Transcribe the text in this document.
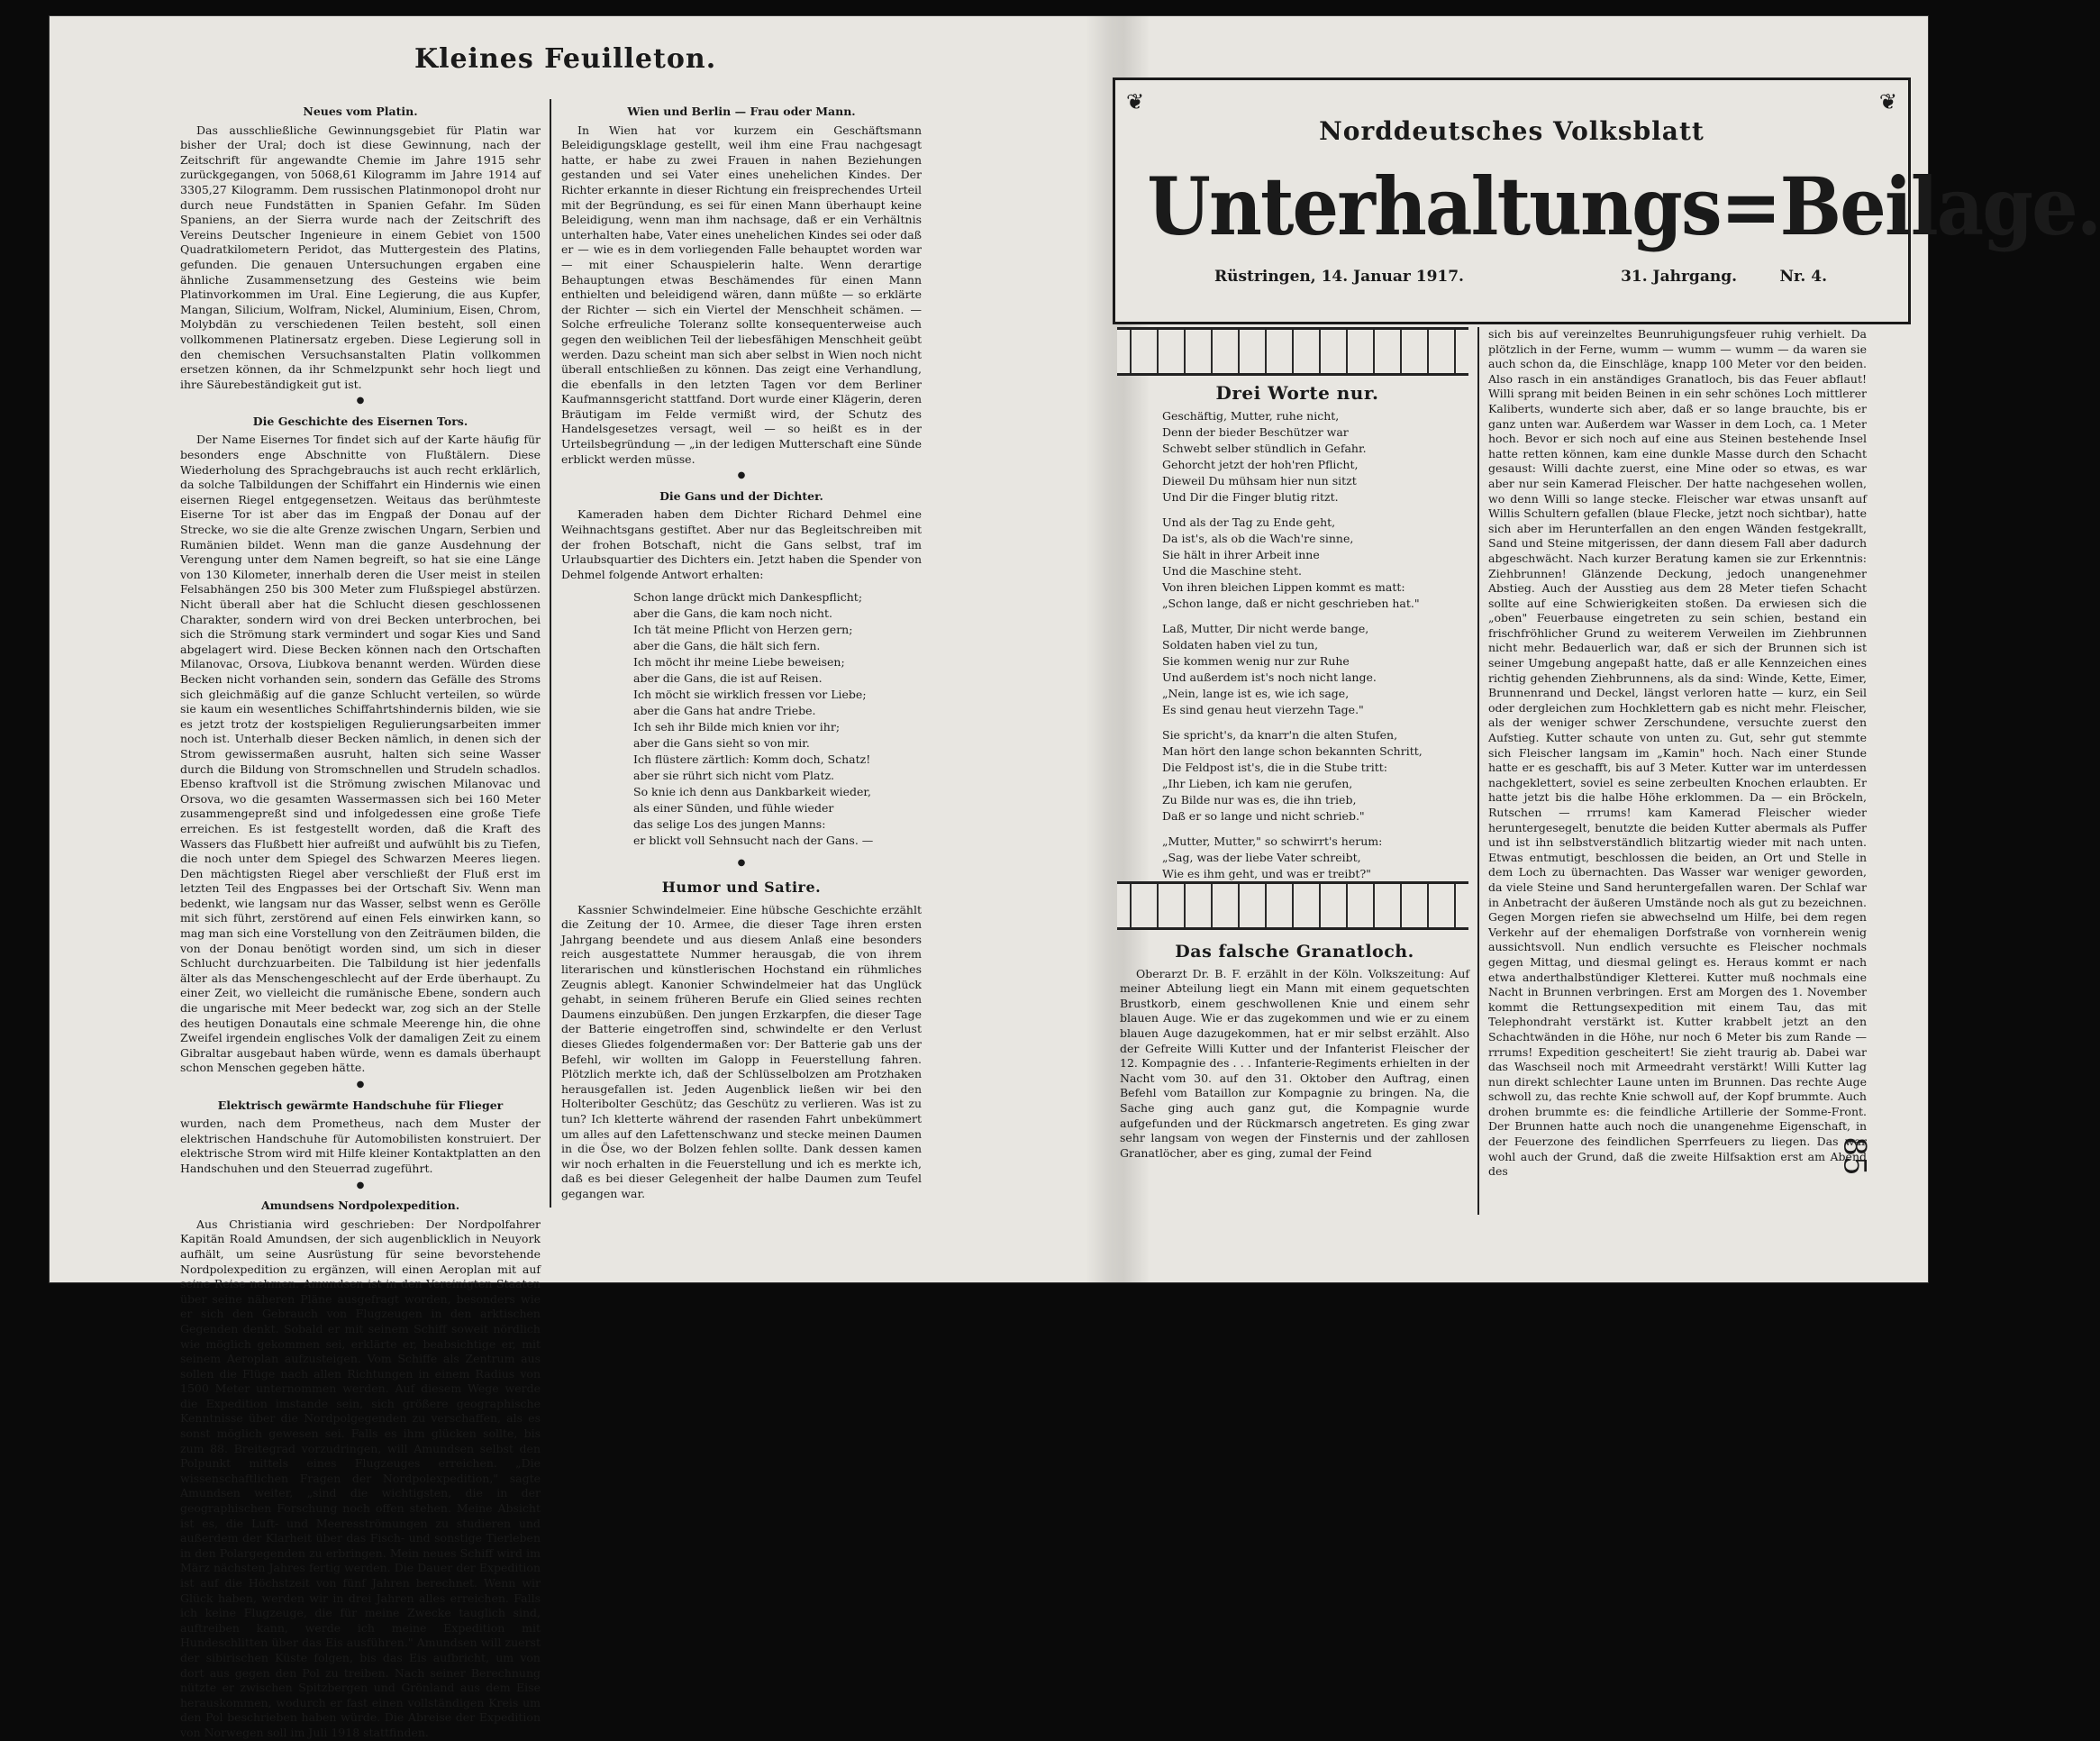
Kleines Feuilleton.
Neues vom Platin.

Das ausschließliche Gewinnungsgebiet für Platin war bisher der Ural; doch ist diese Gewinnung, nach der Zeitschrift für angewandte Chemie im Jahre 1915 sehr zurückgegangen, von 5068,61 Kilogramm im Jahre 1914 auf 3305,27 Kilogramm. Dem russischen Platinmonopol droht nur durch neue Fundstätten in Spanien Gefahr. Im Süden Spaniens, an der Sierra wurde nach der Zeitschrift des Vereins Deutscher Ingenieure in einem Gebiet von 1500 Quadratkilometern Peridot, das Muttergestein des Platins, gefunden. Die genauen Untersuchungen ergaben eine ähnliche Zusammensetzung des Gesteins wie beim Platinvorkommen im Ural. Eine Legierung, die aus Kupfer, Mangan, Silicium, Wolfram, Nickel, Aluminium, Eisen, Chrom, Molybdän zu verschiedenen Teilen besteht, soll einen vollkommenen Platinersatz ergeben. Diese Legierung soll in den chemischen Versuchsanstalten Platin vollkommen ersetzen können, da ihr Schmelzpunkt sehr hoch liegt und ihre Säurebeständigkeit gut ist.

●
Die Geschichte des Eisernen Tors.

Der Name Eisernes Tor findet sich auf der Karte häufig für besonders enge Abschnitte von Flußtälern. Diese Wiederholung des Sprachgebrauchs ist auch recht erklärlich, da solche Talbildungen der Schiffahrt ein Hindernis wie einen eisernen Riegel entgegensetzen. Weitaus das berühmteste Eiserne Tor ist aber das im Engpaß der Donau auf der Strecke, wo sie die alte Grenze zwischen Ungarn, Serbien und Rumänien bildet. Wenn man die ganze Ausdehnung der Verengung unter dem Namen begreift, so hat sie eine Länge von 130 Kilometer, innerhalb deren die User meist in steilen Felsabhängen 250 bis 300 Meter zum Flußspiegel abstürzen. Nicht überall aber hat die Schlucht diesen geschlossenen Charakter, sondern wird von drei Becken unterbrochen, bei sich die Strömung stark vermindert und sogar Kies und Sand abgelagert wird. Diese Becken können nach den Ortschaften Milanovac, Orsova, Liubkova benannt werden. Würden diese Becken nicht vorhanden sein, sondern das Gefälle des Stroms sich gleichmäßig auf die ganze Schlucht verteilen, so würde sie kaum ein wesentliches Schiffahrtshindernis bilden, wie sie es jetzt trotz der kostspieligen Regulierungsarbeiten immer noch ist. Unterhalb dieser Becken nämlich, in denen sich der Strom gewissermaßen ausruht, halten sich seine Wasser durch die Bildung von Stromschnellen und Strudeln schadlos. Ebenso kraftvoll ist die Strömung zwischen Milanovac und Orsova, wo die gesamten Wassermassen sich bei 160 Meter zusammengepreßt sind und infolgedessen eine große Tiefe erreichen. Es ist festgestellt worden, daß die Kraft des Wassers das Flußbett hier aufreißt und aufwühlt bis zu Tiefen, die noch unter dem Spiegel des Schwarzen Meeres liegen. Den mächtigsten Riegel aber verschließt der Fluß erst im letzten Teil des Engpasses bei der Ortschaft Siv. Wenn man bedenkt, wie langsam nur das Wasser, selbst wenn es Gerölle mit sich führt, zerstörend auf einen Fels einwirken kann, so mag man sich eine Vorstellung von den Zeiträumen bilden, die von der Donau benötigt worden sind, um sich in dieser Schlucht durchzuarbeiten. Die Talbildung ist hier jedenfalls älter als das Menschengeschlecht auf der Erde überhaupt. Zu einer Zeit, wo vielleicht die rumänische Ebene, sondern auch die ungarische mit Meer bedeckt war, zog sich an der Stelle des heutigen Donautals eine schmale Meerenge hin, die ohne Zweifel irgendein englisches Volk der damaligen Zeit zu einem Gibraltar ausgebaut haben würde, wenn es damals überhaupt schon Menschen gegeben hätte.

●
Elektrisch gewärmte Handschuhe für Flieger

wurden, nach dem Prometheus, nach dem Muster der elektrischen Handschuhe für Automobilisten konstruiert. Der elektrische Strom wird mit Hilfe kleiner Kontaktplatten an den Handschuhen und den Steuerrad zugeführt.

●
Amundsens Nordpolexpedition.

Aus Christiania wird geschrieben: Der Nordpolfahrer Kapitän Roald Amundsen, der sich augenblicklich in Neuyork aufhält, um seine Ausrüstung für seine bevorstehende Nordpolexpedition zu ergänzen, will einen Aeroplan mit auf seine Reise nehmen. Amundsen ist in den Vereinigten Staaten über seine näheren Pläne ausgefragt worden, besonders wie er sich den Gebrauch von Flugzeugen in den arktischen Gegenden denkt. Sobald er mit seinem Schiff soweit nördlich wie möglich gekommen sei, erklärte er, beabsichtige er, mit seinem Aeroplan aufzusteigen. Vom Schiffe als Zentrum aus sollen die Flüge nach allen Richtungen in einem Radius von 1500 Meter unternommen werden. Auf diesem Wege werde die Expedition imstande sein, sich größere geographische Kenntnisse über die Nordpolgegenden zu verschaffen, als es sonst möglich gewesen sei. Falls es ihm glücken sollte, bis zum 88. Breitegrad vorzudringen, will Amundsen selbst den Polpunkt mittels eines Flugzeuges erreichen. „Die wissenschaftlichen Fragen der Nordpolexpedition," sagte Amundsen weiter, „sind die wichtigsten, die in der geographischen Forschung noch offen stehen. Meine Absicht ist es, die Luft- und Meeresströmungen zu studieren und außerdem der Klarheit über das Fisch- und sonstige Tierleben in den Polargegenden zu erbringen. Mein neues Schiff wird im März nächsten Jahres fertig werden. Die Dauer der Expedition ist auf die Höchstzeit von fünf Jahren berechnet. Wenn wir Glück haben, werden wir in drei Jahren alles erreichen. Falls ich keine Flugzeuge, die für meine Zwecke tauglich sind, auftreiben kann, werde ich meine Expedition mit Hundeschlitten über das Eis ausführen." Amundsen will zuerst der sibirischen Küste folgen, bis das Eis aufbricht, um von dort aus gegen den Pol zu treiben. Nach seiner Berechnung nützte er zwischen Spitzbergen und Grönland aus dem Eise herauskommen, wodurch er fast einen vollständigen Kreis um den Pol beschrieben haben würde. Die Abreise der Expedition von Norwegen soll im Juli 1918 stattfinden.

Wien und Berlin — Frau oder Mann.

In Wien hat vor kurzem ein Geschäftsmann Beleidigungsklage gestellt, weil ihm eine Frau nachgesagt hatte, er habe zu zwei Frauen in nahen Beziehungen gestanden und sei Vater eines unehelichen Kindes. Der Richter erkannte in dieser Richtung ein freisprechendes Urteil mit der Begründung, es sei für einen Mann überhaupt keine Beleidigung, wenn man ihm nachsage, daß er ein Verhältnis unterhalten habe, Vater eines unehelichen Kindes sei oder daß er — wie es in dem vorliegenden Falle behauptet worden war — mit einer Schauspielerin halte. Wenn derartige Behauptungen etwas Beschämendes für einen Mann enthielten und beleidigend wären, dann müßte — so erklärte der Richter — sich ein Viertel der Menschheit schämen. — Solche erfreuliche Toleranz sollte konsequenterweise auch gegen den weiblichen Teil der liebesfähigen Menschheit geübt werden. Dazu scheint man sich aber selbst in Wien noch nicht überall entschließen zu können. Das zeigt eine Verhandlung, die ebenfalls in den letzten Tagen vor dem Berliner Kaufmannsgericht stattfand. Dort wurde einer Klägerin, deren Bräutigam im Felde vermißt wird, der Schutz des Handelsgesetzes versagt, weil — so heißt es in der Urteilsbegründung — „in der ledigen Mutterschaft eine Sünde erblickt werden müsse.

●
Die Gans und der Dichter.

Kameraden haben dem Dichter Richard Dehmel eine Weihnachtsgans gestiftet. Aber nur das Begleitschreiben mit der frohen Botschaft, nicht die Gans selbst, traf im Urlaubsquartier des Dichters ein. Jetzt haben die Spender von Dehmel folgende Antwort erhalten:

Schon lange drückt mich Dankespflicht;

aber die Gans, die kam noch nicht.

Ich tät meine Pflicht von Herzen gern;

aber die Gans, die hält sich fern.

Ich möcht ihr meine Liebe beweisen;

aber die Gans, die ist auf Reisen.

Ich möcht sie wirklich fressen vor Liebe;

aber die Gans hat andre Triebe.

Ich seh ihr Bilde mich knien vor ihr;

aber die Gans sieht so von mir.

Ich flüstere zärtlich: Komm doch, Schatz!

aber sie rührt sich nicht vom Platz.

So knie ich denn aus Dankbarkeit wieder,

als einer Sünden, und fühle wieder

das selige Los des jungen Manns:

er blickt voll Sehnsucht nach der Gans. —

●
Humor und Satire.

Kassnier Schwindelmeier. Eine hübsche Geschichte erzählt die Zeitung der 10. Armee, die dieser Tage ihren ersten Jahrgang beendete und aus diesem Anlaß eine besonders reich ausgestattete Nummer herausgab, die von ihrem literarischen und künstlerischen Hochstand ein rühmliches Zeugnis ablegt. Kanonier Schwindelmeier hat das Unglück gehabt, in seinem früheren Berufe ein Glied seines rechten Daumens einzubüßen. Den jungen Erzkarpfen, die dieser Tage der Batterie eingetroffen sind, schwindelte er den Verlust dieses Gliedes folgendermaßen vor: Der Batterie gab uns der Befehl, wir wollten im Galopp in Feuerstellung fahren. Plötzlich merkte ich, daß der Schlüsselbolzen am Protzhaken herausgefallen ist. Jeden Augenblick ließen wir bei den Holteribolter Geschütz; das Geschütz zu verlieren. Was ist zu tun? Ich kletterte während der rasenden Fahrt unbekümmert um alles auf den Lafettenschwanz und stecke meinen Daumen in die Öse, wo der Bolzen fehlen sollte. Dank dessen kamen wir noch erhalten in die Feuerstellung und ich es merkte ich, daß es bei dieser Gelegenheit der halbe Daumen zum Teufel gegangen war.

❦	❦
Norddeutsches Volksblatt
Unterhaltungs=Beilage.
Rüstringen, 14. Januar 1917.	31. Jahrgang.	Nr. 4.
Drei Worte nur.

Geschäftig, Mutter, ruhe nicht,

Denn der bieder Beschützer war

Schwebt selber stündlich in Gefahr.

Gehorcht jetzt der hoh'ren Pflicht,

Dieweil Du mühsam hier nun sitzt

Und Dir die Finger blutig ritzt.

Und als der Tag zu Ende geht,

Da ist's, als ob die Wach're sinne,

Sie hält in ihrer Arbeit inne

Und die Maschine steht.

Von ihren bleichen Lippen kommt es matt:

„Schon lange, daß er nicht geschrieben hat."

Laß, Mutter, Dir nicht werde bange,

Soldaten haben viel zu tun,

Sie kommen wenig nur zur Ruhe

Und außerdem ist's noch nicht lange.

„Nein, lange ist es, wie ich sage,

Es sind genau heut vierzehn Tage."

Sie spricht's, da knarr'n die alten Stufen,

Man hört den lange schon bekannten Schritt,

Die Feldpost ist's, die in die Stube tritt:

„Ihr Lieben, ich kam nie gerufen,

Zu Bilde nur was es, die ihn trieb,

Daß er so lange und nicht schrieb."

„Mutter, Mutter," so schwirrt's herum:

„Sag, was der liebe Vater schreibt,

Wie es ihm geht, und was er treibt?"

Das falsche Granatloch.

Oberarzt Dr. B. F. erzählt in der Köln. Volkszeitung: Auf meiner Abteilung liegt ein Mann mit einem gequetschten Brustkorb, einem geschwollenen Knie und einem sehr blauen Auge. Wie er das zugekommen und wie er zu einem blauen Auge dazugekommen, hat er mir selbst erzählt. Also der Gefreite Willi Kutter und der Infanterist Fleischer der 12. Kompagnie des . . . Infanterie-Regiments erhielten in der Nacht vom 30. auf den 31. Oktober den Auftrag, einen Befehl vom Bataillon zur Kompagnie zu bringen. Na, die Sache ging auch ganz gut, die Kompagnie wurde aufgefunden und der Rückmarsch angetreten. Es ging zwar sehr langsam von wegen der Finsternis und der zahllosen Granatlöcher, aber es ging, zumal der Feind

sich bis auf vereinzeltes Beunruhigungsfeuer ruhig verhielt. Da plötzlich in der Ferne, wumm — wumm — wumm — da waren sie auch schon da, die Einschläge, knapp 100 Meter vor den beiden. Also rasch in ein anständiges Granatloch, bis das Feuer abflaut! Willi sprang mit beiden Beinen in ein sehr schönes Loch mittlerer Kaliberts, wunderte sich aber, daß er so lange brauchte, bis er ganz unten war. Außerdem war Wasser in dem Loch, ca. 1 Meter hoch. Bevor er sich noch auf eine aus Steinen bestehende Insel hatte retten können, kam eine dunkle Masse durch den Schacht gesaust: Willi dachte zuerst, eine Mine oder so etwas, es war aber nur sein Kamerad Fleischer. Der hatte nachgesehen wollen, wo denn Willi so lange stecke. Fleischer war etwas unsanft auf Willis Schultern gefallen (blaue Flecke, jetzt noch sichtbar), hatte sich aber im Herunterfallen an den engen Wänden festgekrallt, Sand und Steine mitgerissen, der dann diesem Fall aber dadurch abgeschwächt. Nach kurzer Beratung kamen sie zur Erkenntnis: Ziehbrunnen! Glänzende Deckung, jedoch unangenehmer Abstieg. Auch der Ausstieg aus dem 28 Meter tiefen Schacht sollte auf eine Schwierigkeiten stoßen. Da erwiesen sich die „oben" Feuerbause eingetreten zu sein schien, bestand ein frischfröhlicher Grund zu weiterem Verweilen im Ziehbrunnen nicht mehr. Bedauerlich war, daß er sich der Brunnen sich ist seiner Umgebung angepaßt hatte, daß er alle Kennzeichen eines richtig gehenden Ziehbrunnens, als da sind: Winde, Kette, Eimer, Brunnenrand und Deckel, längst verloren hatte — kurz, ein Seil oder dergleichen zum Hochklettern gab es nicht mehr. Fleischer, als der weniger schwer Zerschundene, versuchte zuerst den Aufstieg. Kutter schaute von unten zu. Gut, sehr gut stemmte sich Fleischer langsam im „Kamin" hoch. Nach einer Stunde hatte er es geschafft, bis auf 3 Meter. Kutter war im unterdessen nachgeklettert, soviel es seine zerbeulten Knochen erlaubten. Er hatte jetzt bis die halbe Höhe erklommen. Da — ein Bröckeln, Rutschen — rrrums! kam Kamerad Fleischer wieder heruntergesegelt, benutzte die beiden Kutter abermals als Puffer und ist ihn selbstverständlich blitzartig wieder mit nach unten. Etwas entmutigt, beschlossen die beiden, an Ort und Stelle in dem Loch zu übernachten. Das Wasser war weniger geworden, da viele Steine und Sand heruntergefallen waren. Der Schlaf war in Anbetracht der äußeren Umstände noch als gut zu bezeichnen. Gegen Morgen riefen sie abwechselnd um Hilfe, bei dem regen Verkehr auf der ehemaligen Dorfstraße von vornherein wenig aussichtsvoll. Nun endlich versuchte es Fleischer nochmals gegen Mittag, und diesmal gelingt es. Heraus kommt er nach etwa anderthalbstündiger Kletterei. Kutter muß nochmals eine Nacht in Brunnen verbringen. Erst am Morgen des 1. November kommt die Rettungsexpedition mit einem Tau, das mit Telephondraht verstärkt ist. Kutter krabbelt jetzt an den Schachtwänden in die Höhe, nur noch 6 Meter bis zum Rande — rrrums! Expedition gescheitert! Sie zieht traurig ab. Dabei war das Waschseil noch mit Armeedraht verstärkt! Willi Kutter lag nun direkt schlechter Laune unten im Brunnen. Das rechte Auge schwoll zu, das rechte Knie schwoll auf, der Kopf brummte. Auch drohen brummte es: die feindliche Artillerie der Somme-Front. Der Brunnen hatte auch noch die unangenehme Eigenschaft, in der Feuerzone des feindlichen Sperrfeuers zu liegen. Das war wohl auch der Grund, daß die zweite Hilfsaktion erst am Abend des	85
